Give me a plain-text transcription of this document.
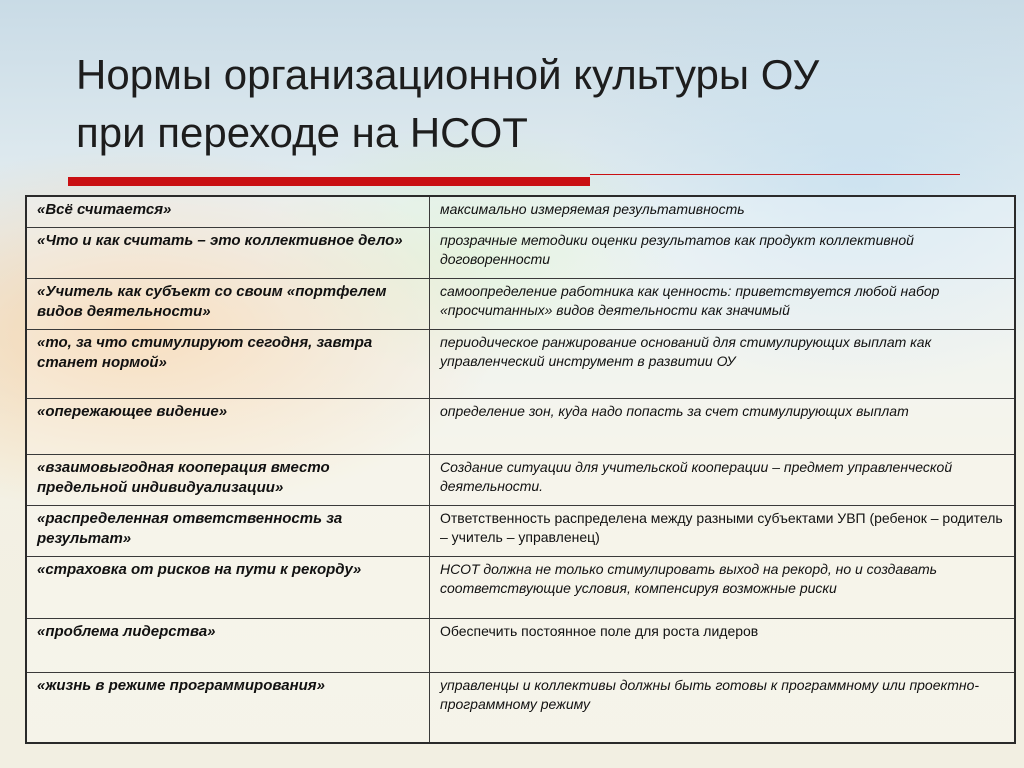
Нормы организационной культуры ОУ
при переходе на НСОТ
«Всё считается»	максимально измеряемая результативность

«Что и как считать – это коллективное дело»	прозрачные методики оценки результатов как продукт коллективной договоренности

«Учитель как субъект со своим «портфелем видов деятельности»	самоопределение работника как ценность: приветствуется любой набор «просчитанных» видов деятельности как значимый

«то, за что стимулируют сегодня, завтра станет нормой»	периодическое ранжирование оснований для стимулирующих выплат как управленческий инструмент в развитии ОУ

«опережающее видение»	определение зон, куда надо попасть за счет стимулирующих выплат

«взаимовыгодная кооперация вместо предельной индивидуализации»	Создание ситуации для учительской кооперации – предмет управленческой деятельности.

«распределенная ответственность за результат»	Ответственность распределена между разными субъектами УВП (ребенок – родитель – учитель – управленец)

«страховка от рисков на пути к рекорду»	НСОТ должна не только стимулировать выход на рекорд, но и создавать соответствующие условия, компенсируя возможные риски

«проблема лидерства»	Обеспечить постоянное поле для роста лидеров

«жизнь в режиме программирования»	управленцы и коллективы должны быть готовы к программному или проектно-программному режиму
